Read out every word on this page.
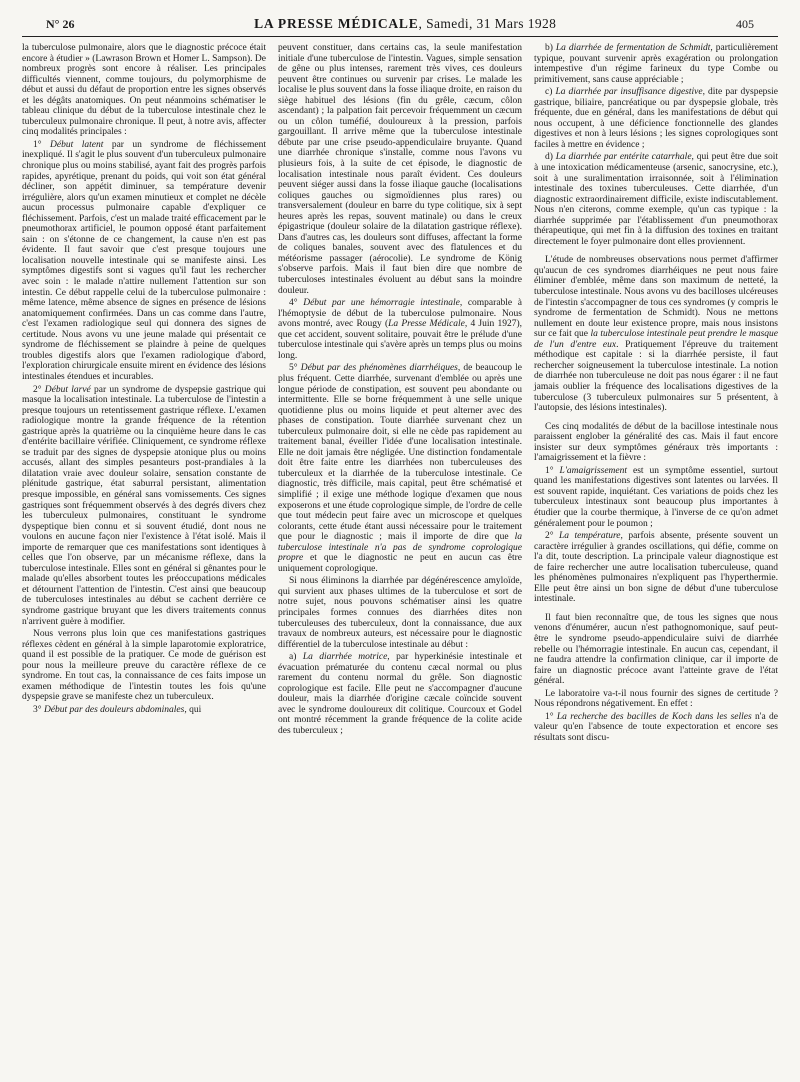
N° 26	LA PRESSE MÉDICALE, Samedi, 31 Mars 1928	405

la tuberculose pulmonaire, alors que le diagnostic précoce était encore à étudier » (Lawrason Brown et Homer L. Sampson). De nombreux progrès sont encore à réaliser. Les principales difficultés viennent, comme toujours, du polymorphisme de début et aussi du défaut de proportion entre les signes observés et les dégâts anatomiques. On peut néanmoins schématiser le tableau clinique du début de la tuberculose intestinale chez le tuberculeux pulmonaire chronique. Il peut, à notre avis, affecter cinq modalités principales :

1° Début latent par un syndrome de fléchissement inexpliqué. Il s'agit le plus souvent d'un tuberculeux pulmonaire chronique plus ou moins stabilisé, ayant fait des progrès parfois rapides, apyrétique, prenant du poids, qui voit son état général décliner, son appétit diminuer, sa température devenir irrégulière, alors qu'un examen minutieux et complet ne décèle aucun processus pulmonaire capable d'expliquer ce fléchissement. Parfois, c'est un malade traité efficacement par le pneumothorax artificiel, le poumon opposé étant parfaitement sain : on s'étonne de ce changement, la cause n'en est pas évidente. Il faut savoir que c'est presque toujours une localisation nouvelle intestinale qui se manifeste ainsi. Les symptômes digestifs sont si vagues qu'il faut les rechercher avec soin : le malade n'attire nullement l'attention sur son intestin. Ce début rappelle celui de la tuberculose pulmonaire : même latence, même absence de signes en présence de lésions anatomiquement confirmées. Dans un cas comme dans l'autre, c'est l'examen radiologique seul qui donnera des signes de certitude. Nous avons vu une jeune malade qui présentait ce syndrome de fléchissement se plaindre à peine de quelques troubles digestifs alors que l'examen radiologique d'abord, l'exploration chirurgicale ensuite mirent en évidence des lésions intestinales étendues et incurables.

2° Début larvé par un syndrome de dyspepsie gastrique qui masque la localisation intestinale. La tuberculose de l'intestin a presque toujours un retentissement gastrique réflexe. L'examen radiologique montre la grande fréquence de la rétention gastrique après la quatrième ou la cinquième heure dans le cas d'entérite bacillaire vérifiée. Cliniquement, ce syndrome réflexe se traduit par des signes de dyspepsie atonique plus ou moins accusés, allant des simples pesanteurs post-prandiales à la dilatation vraie avec douleur solaire, sensation constante de plénitude gastrique, état saburral persistant, alimentation presque impossible, en général sans vomissements. Ces signes gastriques sont fréquemment observés à des degrés divers chez les tuberculeux pulmonaires, constituant le syndrome dyspeptique bien connu et si souvent étudié, dont nous ne voulons en aucune façon nier l'existence à l'état isolé. Mais il importe de remarquer que ces manifestations sont identiques à celles que l'on observe, par un mécanisme réflexe, dans la tuberculose intestinale. Elles sont en général si gênantes pour le malade qu'elles absorbent toutes les préoccupations médicales et détournent l'attention de l'intestin. C'est ainsi que beaucoup de tuberculoses intestinales au début se cachent derrière ce syndrome gastrique bruyant que les divers traitements connus n'arrivent guère à modifier.

Nous verrons plus loin que ces manifestations gastriques réflexes cèdent en général à la simple laparotomie exploratrice, quand il est possible de la pratiquer. Ce mode de guérison est pour nous la meilleure preuve du caractère réflexe de ce syndrome. En tout cas, la connaissance de ces faits impose un examen méthodique de l'intestin toutes les fois qu'une dyspepsie grave se manifeste chez un tuberculeux.

3° Début par des douleurs abdominales, qui

peuvent constituer, dans certains cas, la seule manifestation initiale d'une tuberculose de l'intestin. Vagues, simple sensation de gêne ou plus intenses, rarement très vives, ces douleurs peuvent être continues ou survenir par crises. Le malade les localise le plus souvent dans la fosse iliaque droite, en raison du siège habituel des lésions (fin du grêle, cæcum, côlon ascendant) ; la palpation fait percevoir fréquemment un cæcum ou un côlon tuméfié, douloureux à la pression, parfois gargouillant. Il arrive même que la tuberculose intestinale débute par une crise pseudo-appendiculaire bruyante. Quand une diarrhée chronique s'installe, comme nous l'avons vu plusieurs fois, à la suite de cet épisode, le diagnostic de localisation intestinale nous paraît évident. Ces douleurs peuvent siéger aussi dans la fosse iliaque gauche (localisations coliques gauches ou sigmoïdiennes plus rares) ou transversalement (douleur en barre du type colitique, six à sept heures après les repas, souvent matinale) ou dans le creux épigastrique (douleur solaire de la dilatation gastrique réflexe). Dans d'autres cas, les douleurs sont diffuses, affectant la forme de coliques banales, souvent avec des flatulences et du météorisme passager (aérocolie). Le syndrome de König s'observe parfois. Mais il faut bien dire que nombre de tuberculoses intestinales évoluent au début sans la moindre douleur.

4° Début par une hémorragie intestinale, comparable à l'hémoptysie de début de la tuberculose pulmonaire. Nous avons montré, avec Rougy (La Presse Médicale, 4 Juin 1927), que cet accident, souvent solitaire, pouvait être le prélude d'une tuberculose intestinale qui s'avère après un temps plus ou moins long.

5° Début par des phénomènes diarrhéiques, de beaucoup le plus fréquent. Cette diarrhée, survenant d'emblée ou après une longue période de constipation, est souvent peu abondante ou intermittente. Elle se borne fréquemment à une selle unique quotidienne plus ou moins liquide et peut alterner avec des phases de constipation. Toute diarrhée survenant chez un tuberculeux pulmonaire doit, si elle ne cède pas rapidement au traitement banal, éveiller l'idée d'une localisation intestinale. Elle ne doit jamais être négligée. Une distinction fondamentale doit être faite entre les diarrhées non tuberculeuses des tuberculeux et la diarrhée de la tuberculose intestinale. Ce diagnostic, très difficile, mais capital, peut être schématisé et simplifié ; il exige une méthode logique d'examen que nous exposerons et une étude coprologique simple, de l'ordre de celle que tout médecin peut faire avec un microscope et quelques colorants, cette étude étant aussi nécessaire pour le traitement que pour le diagnostic ; mais il importe de dire que la tuberculose intestinale n'a pas de syndrome coprologique propre et que le diagnostic ne peut en aucun cas être uniquement coprologique.

Si nous éliminons la diarrhée par dégénérescence amyloïde, qui survient aux phases ultimes de la tuberculose et sort de notre sujet, nous pouvons schématiser ainsi les quatre principales formes connues des diarrhées dites non tuberculeuses des tuberculeux, dont la connaissance, due aux travaux de nombreux auteurs, est nécessaire pour le diagnostic différentiel de la tuberculose intestinale au début :

a) La diarrhée motrice, par hyperkinésie intestinale et évacuation prématurée du contenu cæcal normal ou plus rarement du contenu normal du grêle. Son diagnostic coprologique est facile. Elle peut ne s'accompagner d'aucune douleur, mais la diarrhée d'origine cæcale coïncide souvent avec le syndrome douloureux dit colitique. Courcoux et Godel ont montré récemment la grande fréquence de la colite acide des tuberculeux ;

b) La diarrhée de fermentation de Schmidt, particulièrement typique, pouvant survenir après exagération ou prolongation intempestive d'un régime farineux du type Combe ou primitivement, sans cause appréciable ;

c) La diarrhée par insuffisance digestive, dite par dyspepsie gastrique, biliaire, pancréatique ou par dyspepsie globale, très fréquente, due en général, dans les manifestations de début qui nous occupent, à une déficience fonctionnelle des glandes digestives et non à leurs lésions ; les signes coprologiques sont faciles à mettre en évidence ;

d) La diarrhée par entérite catarrhale, qui peut être due soit à une intoxication médicamenteuse (arsenic, sanocrysine, etc.), soit à une suralimentation irraisonnée, soit à l'élimination intestinale des toxines tuberculeuses. Cette diarrhée, d'un diagnostic extraordinairement difficile, existe indiscutablement. Nous n'en citerons, comme exemple, qu'un cas typique : la diarrhée supprimée par l'établissement d'un pneumothorax thérapeutique, qui met fin à la diffusion des toxines en traitant directement le foyer pulmonaire dont elles proviennent.

L'étude de nombreuses observations nous permet d'affirmer qu'aucun de ces syndromes diarrhéiques ne peut nous faire éliminer d'emblée, même dans son maximum de netteté, la tuberculose intestinale. Nous avons vu des bacilloses ulcéreuses de l'intestin s'accompagner de tous ces syndromes (y compris le syndrome de fermentation de Schmidt). Nous ne mettons nullement en doute leur existence propre, mais nous insistons sur ce fait que la tuberculose intestinale peut prendre le masque de l'un d'entre eux. Pratiquement l'épreuve du traitement méthodique est capitale : si la diarrhée persiste, il faut rechercher soigneusement la tuberculose intestinale. La notion de diarrhée non tuberculeuse ne doit pas nous égarer : il ne faut jamais oublier la fréquence des localisations digestives de la tuberculose (3 tuberculeux pulmonaires sur 5 présentent, à l'autopsie, des lésions intestinales).

Ces cinq modalités de début de la bacillose intestinale nous paraissent englober la généralité des cas. Mais il faut encore insister sur deux symptômes généraux très importants : l'amaigrissement et la fièvre :

1° L'amaigrissement est un symptôme essentiel, surtout quand les manifestations digestives sont latentes ou larvées. Il est souvent rapide, inquiétant. Ces variations de poids chez les tuberculeux intestinaux sont beaucoup plus importantes à étudier que la courbe thermique, à l'inverse de ce qu'on admet généralement pour le poumon ;

2° La température, parfois absente, présente souvent un caractère irrégulier à grandes oscillations, qui défie, comme on l'a dit, toute description. La principale valeur diagnostique est de faire rechercher une autre localisation tuberculeuse, quand les phénomènes pulmonaires n'expliquent pas l'hyperthermie. Elle peut être ainsi un bon signe de début d'une tuberculose intestinale.

Il faut bien reconnaître que, de tous les signes que nous venons d'énumérer, aucun n'est pathognomonique, sauf peut-être le syndrome pseudo-appendiculaire suivi de diarrhée rebelle ou l'hémorragie intestinale. En aucun cas, cependant, il ne faudra attendre la confirmation clinique, car il importe de faire un diagnostic précoce avant l'atteinte grave de l'état général.

Le laboratoire va-t-il nous fournir des signes de certitude ? Nous répondrons négativement. En effet :

1° La recherche des bacilles de Koch dans les selles n'a de valeur qu'en l'absence de toute expectoration et encore ses résultats sont discu-
